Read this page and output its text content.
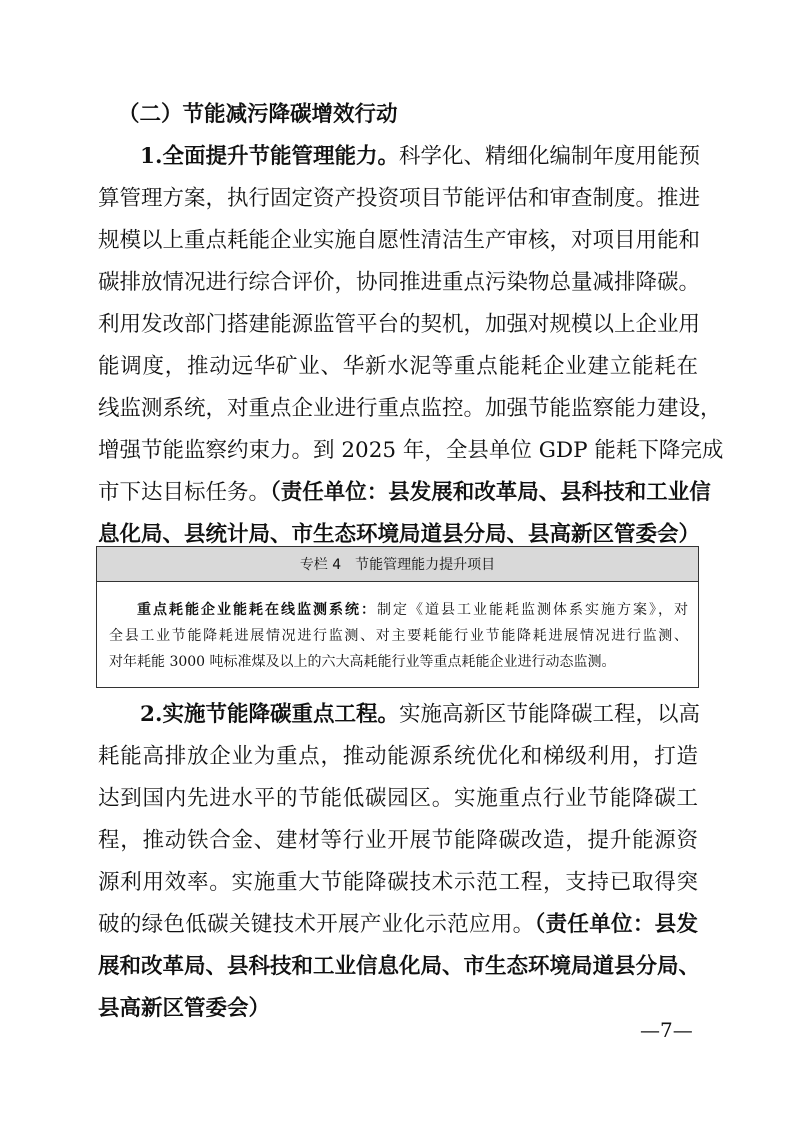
（二）节能减污降碳增效行动
1.全面提升节能管理能力。科学化、精细化编制年度用能预
算管理方案，执行固定资产投资项目节能评估和审查制度。推进
规模以上重点耗能企业实施自愿性清洁生产审核，对项目用能和
碳排放情况进行综合评价，协同推进重点污染物总量减排降碳。
利用发改部门搭建能源监管平台的契机，加强对规模以上企业用
能调度，推动远华矿业、华新水泥等重点能耗企业建立能耗在
线监测系统，对重点企业进行重点监控。加强节能监察能力建设，
增强节能监察约束力。到 2025 年，全县单位 GDP 能耗下降完成
市下达目标任务。（责任单位：县发展和改革局、县科技和工业信
息化局、县统计局、市生态环境局道县分局、县高新区管委会）
专栏 4 节能管理能力提升项目
重点耗能企业能耗在线监测系统：制定《道县工业能耗监测体系实施方案》，对
全县工业节能降耗进展情况进行监测、对主要耗能行业节能降耗进展情况进行监测、
对年耗能 3000 吨标准煤及以上的六大高耗能行业等重点耗能企业进行动态监测。
2.实施节能降碳重点工程。实施高新区节能降碳工程，以高
耗能高排放企业为重点，推动能源系统优化和梯级利用，打造
达到国内先进水平的节能低碳园区。实施重点行业节能降碳工
程，推动铁合金、建材等行业开展节能降碳改造，提升能源资
源利用效率。实施重大节能降碳技术示范工程，支持已取得突
破的绿色低碳关键技术开展产业化示范应用。（责任单位：县发
展和改革局、县科技和工业信息化局、市生态环境局道县分局、
县高新区管委会）
—7—
